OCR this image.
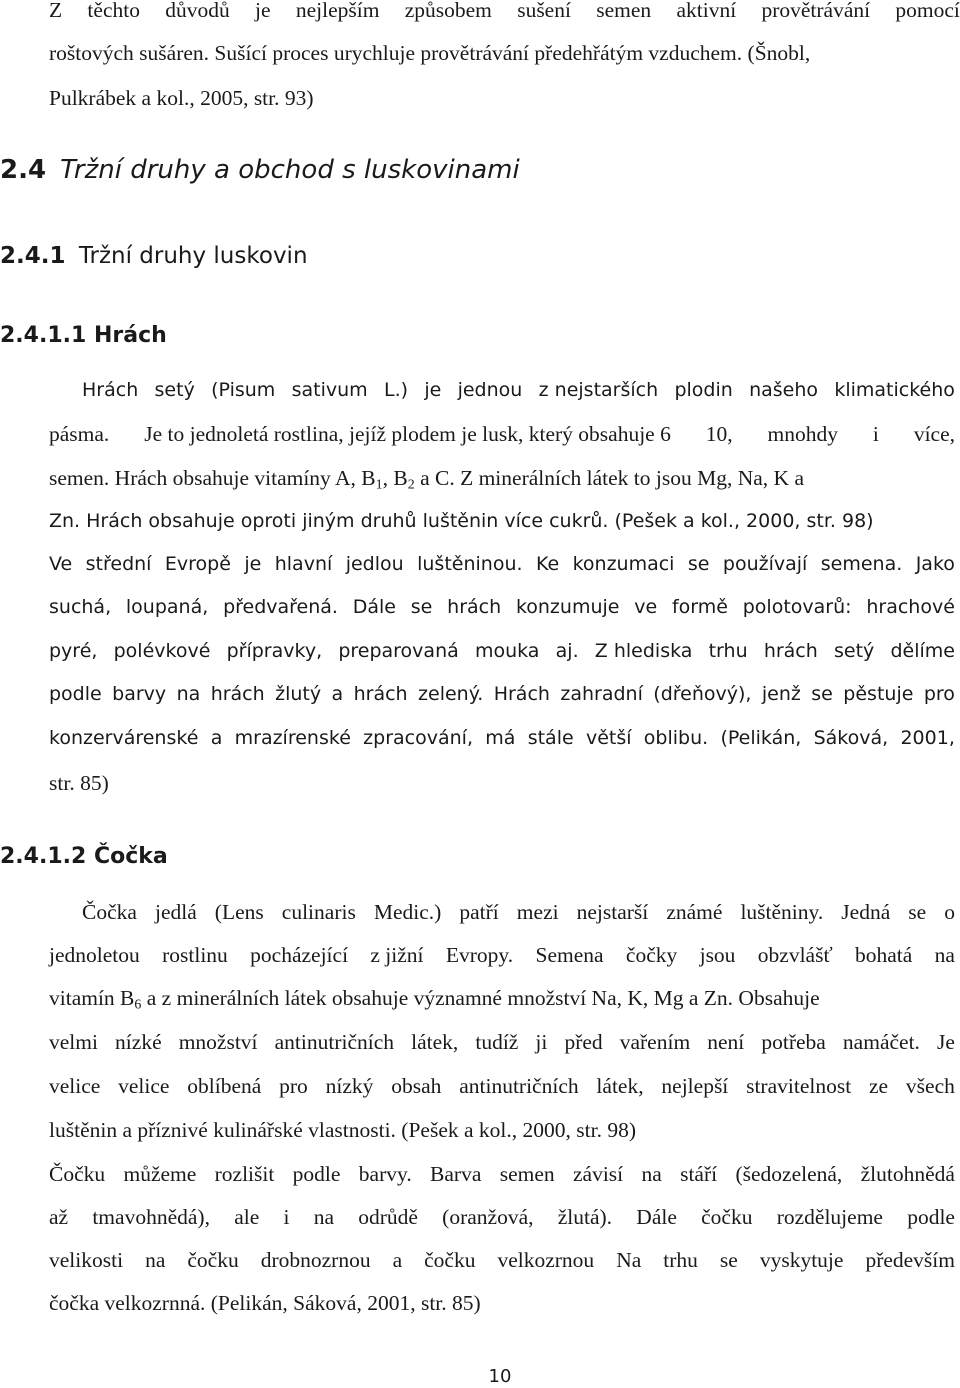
Z těchto důvodů je nejlepším způsobem sušení semen aktivní provětrávání pomocí
roštových sušáren. Sušící proces urychluje provětrávání předehřátým vzduchem. (Šnobl,
Pulkrábek a kol., 2005, str. 93)
2.4 Tržní druhy a obchod s luskovinami
2.4.1 Tržní druhy luskovin
2.4.1.1 Hrách
Hrách setý (Pisum sativum L.) je jednou z nejstarších plodin našeho klimatického
pásma. Je to jednoletá rostlina, jejíž plodem je lusk, který obsahuje 6 10, mnohdy i více,
semen. Hrách obsahuje vitamíny A, $B_1$, $B_2$ a C. Z minerálních látek to jsou Mg, Na, K a
Zn. Hrách obsahuje oproti jiným druhů luštěnin více cukrů. (Pešek a kol., 2000, str. 98)
Ve střední Evropě je hlavní jedlou luštěninou. Ke konzumaci se používají semena. Jako
suchá, loupaná, předvařená. Dále se hrách konzumuje ve formě polotovarů: hrachové
pyré, polévkové přípravky, preparovaná mouka aj. Z hlediska trhu hrách setý dělíme
podle barvy na hrách žlutý a hrách zelený. Hrách zahradní (dřeňový), jenž se pěstuje pro
konzervárenské a mrazírenské zpracování, má stále větší oblibu. (Pelikán, Sáková, 2001,
str. 85)
2.4.1.2 Čočka
Čočka jedlá (Lens culinaris Medic.) patří mezi nejstarší známé luštěniny. Jedná se o
jednoletou rostlinu pocházející z jižní Evropy. Semena čočky jsou obzvlášť bohatá na
vitamín $B_6$ a z minerálních látek obsahuje významné množství Na, K, Mg a Zn. Obsahuje
velmi nízké množství antinutričních látek, tudíž ji před vařením není potřeba namáčet. Je
velice velice oblíbená pro nízký obsah antinutričních látek, nejlepší stravitelnost ze všech
luštěnin a příznivé kulinářské vlastnosti. (Pešek a kol., 2000, str. 98)
Čočku můžeme rozlišit podle barvy. Barva semen závisí na stáří (šedozelená, žlutohnědá
až tmavohnědá), ale i na odrůdě (oranžová, žlutá). Dále čočku rozdělujeme podle
velikosti na čočku drobnozrnou a čočku velkozrnou Na trhu se vyskytuje především
čočka velkozrnná. (Pelikán, Sáková, 2001, str. 85)
10
